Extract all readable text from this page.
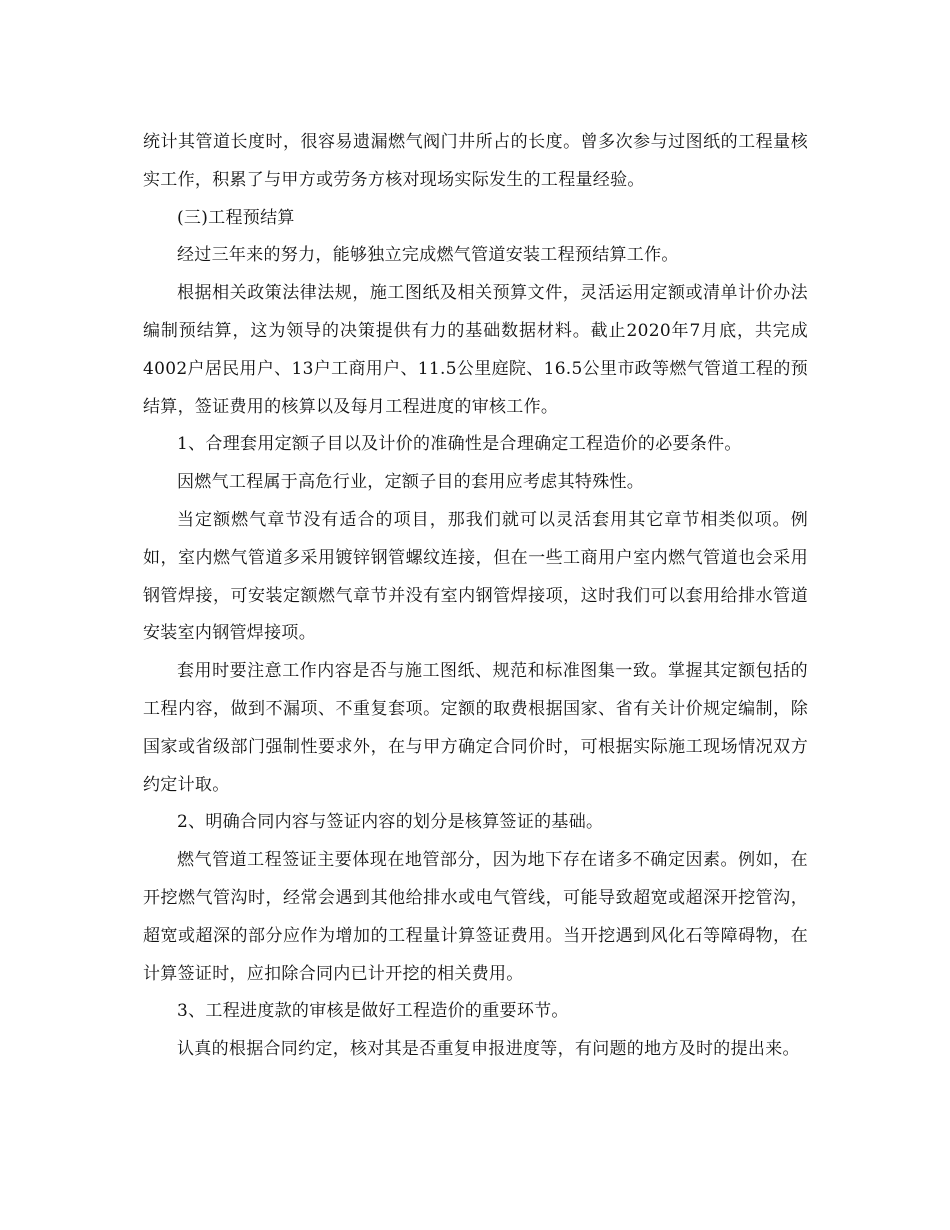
统计其管道长度时，很容易遗漏燃气阀门井所占的长度。曾多次参与过图纸的工程量核实工作，积累了与甲方或劳务方核对现场实际发生的工程量经验。

(三)工程预结算

经过三年来的努力，能够独立完成燃气管道安装工程预结算工作。

根据相关政策法律法规，施工图纸及相关预算文件，灵活运用定额或清单计价办法编制预结算，这为领导的决策提供有力的基础数据材料。截止2020年7月底，共完成4002户居民用户、13户工商用户、11.5公里庭院、16.5公里市政等燃气管道工程的预结算，签证费用的核算以及每月工程进度的审核工作。

1、合理套用定额子目以及计价的准确性是合理确定工程造价的必要条件。

因燃气工程属于高危行业，定额子目的套用应考虑其特殊性。

当定额燃气章节没有适合的项目，那我们就可以灵活套用其它章节相类似项。例如，室内燃气管道多采用镀锌钢管螺纹连接，但在一些工商用户室内燃气管道也会采用钢管焊接，可安装定额燃气章节并没有室内钢管焊接项，这时我们可以套用给排水管道安装室内钢管焊接项。

套用时要注意工作内容是否与施工图纸、规范和标准图集一致。掌握其定额包括的工程内容，做到不漏项、不重复套项。定额的取费根据国家、省有关计价规定编制，除国家或省级部门强制性要求外，在与甲方确定合同价时，可根据实际施工现场情况双方约定计取。

2、明确合同内容与签证内容的划分是核算签证的基础。

燃气管道工程签证主要体现在地管部分，因为地下存在诸多不确定因素。例如，在开挖燃气管沟时，经常会遇到其他给排水或电气管线，可能导致超宽或超深开挖管沟，超宽或超深的部分应作为增加的工程量计算签证费用。当开挖遇到风化石等障碍物，在计算签证时，应扣除合同内已计开挖的相关费用。

3、工程进度款的审核是做好工程造价的重要环节。

认真的根据合同约定，核对其是否重复申报进度等，有问题的地方及时的提出来。
